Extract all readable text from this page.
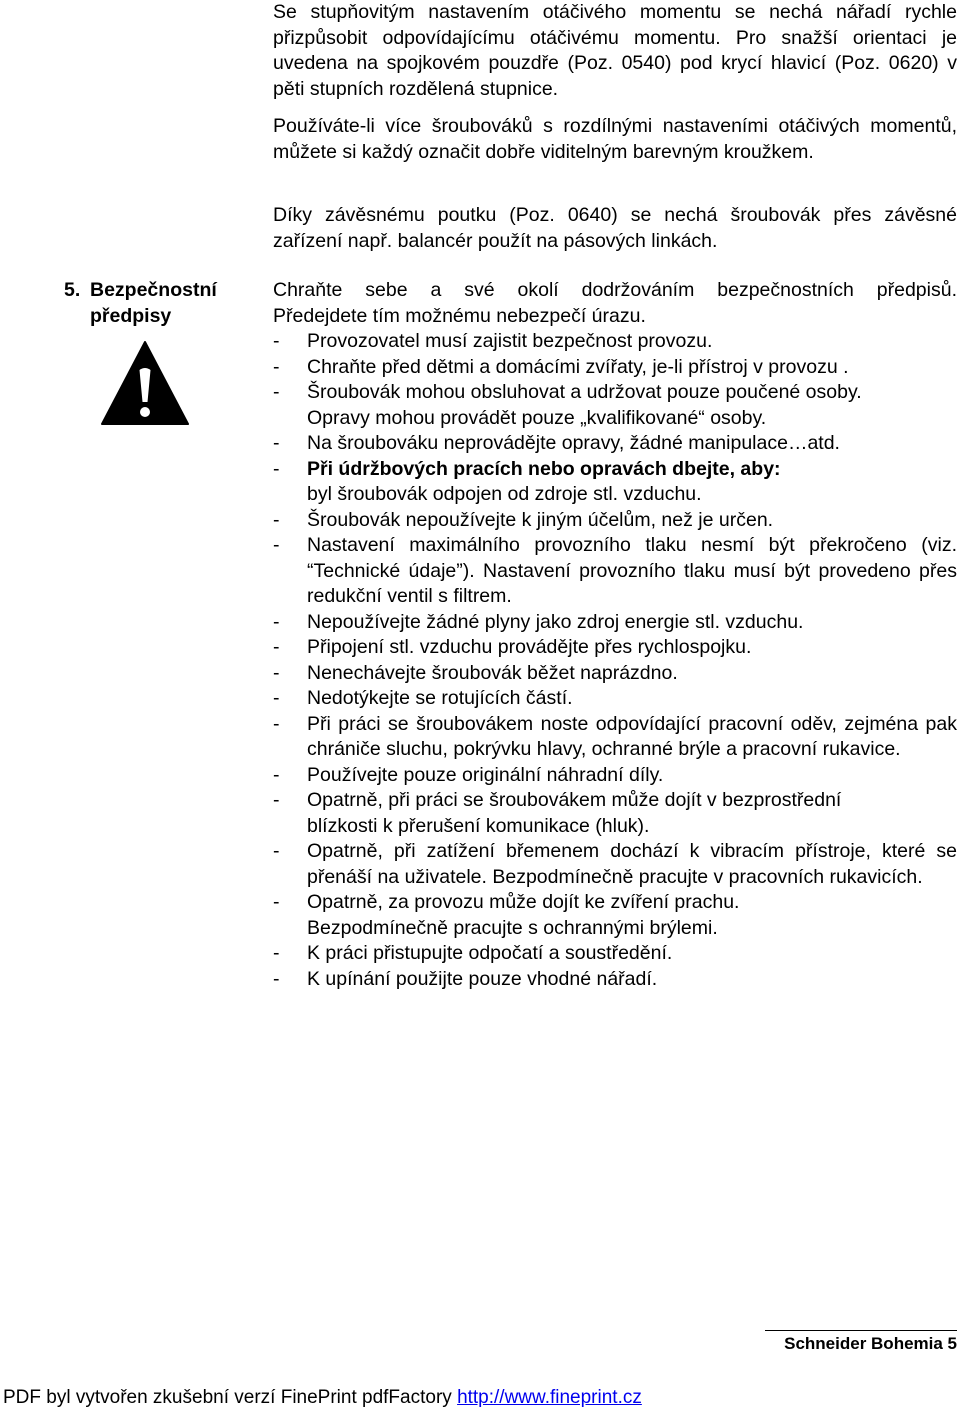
Se stupňovitým nastavením otáčivého momentu se nechá nářadí rychle přizpůsobit odpovídajícímu otáčivému momentu. Pro snažší orientaci je uvedena na spojkovém pouzdře (Poz. 0540) pod krycí hlavicí (Poz. 0620) v pěti stupních rozdělená stupnice.

Používáte-li více šroubováků s rozdílnými nastaveními otáčivých momentů, můžete si každý označit dobře viditelným barevným kroužkem.

Díky závěsnému poutku (Poz. 0640) se nechá šroubovák přes závěsné zařízení např. balancér použít na pásových linkách.

5. Bezpečnostní
předpisy

Chraňte sebe a své okolí dodržováním bezpečnostních předpisů.

Předejdete tím možnému nebezpečí úrazu.

-	Provozovatel musí zajistit bezpečnost provozu.
-	Chraňte před dětmi a domácími zvířaty, je-li přístroj v provozu .
-	Šroubovák mohou obsluhovat a udržovat pouze poučené osoby.
Opravy mohou provádět pouze „kvalifikované“ osoby.
-	Na šroubováku neprovádějte opravy, žádné manipulace…atd.
-	Při údržbových pracích nebo opravách dbejte, aby:
byl šroubovák odpojen od zdroje stl. vzduchu.
-	Šroubovák nepoužívejte k jiným účelům, než je určen.
-	Nastavení maximálního provozního tlaku nesmí být překročeno (viz. “Technické údaje”). Nastavení provozního tlaku musí být provedeno přes redukční ventil s filtrem.
-	Nepoužívejte žádné plyny jako zdroj energie stl. vzduchu.
-	Připojení stl. vzduchu provádějte přes rychlospojku.
-	Nenechávejte šroubovák běžet naprázdno.
-	Nedotýkejte se rotujících částí.
-	Při práci se šroubovákem noste odpovídající pracovní oděv, zejména pak chrániče sluchu, pokrývku hlavy, ochranné brýle a pracovní rukavice.
-	Používejte pouze originální náhradní díly.
-	Opatrně, při práci se šroubovákem může dojít v bezprostřední
blízkosti k přerušení komunikace (hluk).
-	Opatrně, při zatížení břemenem dochází k vibracím přístroje, které se přenáší na uživatele. Bezpodmínečně pracujte v pracovních rukavicích.
-	Opatrně, za provozu může dojít ke zvíření prachu.
Bezpodmínečně pracujte s ochrannými brýlemi.
-	K práci přistupujte odpočatí a soustředění.
-	K upínání použijte pouze vhodné nářadí.
Schneider Bohemia 5
PDF byl vytvořen zkušební verzí FinePrint pdfFactory http://www.fineprint.cz
